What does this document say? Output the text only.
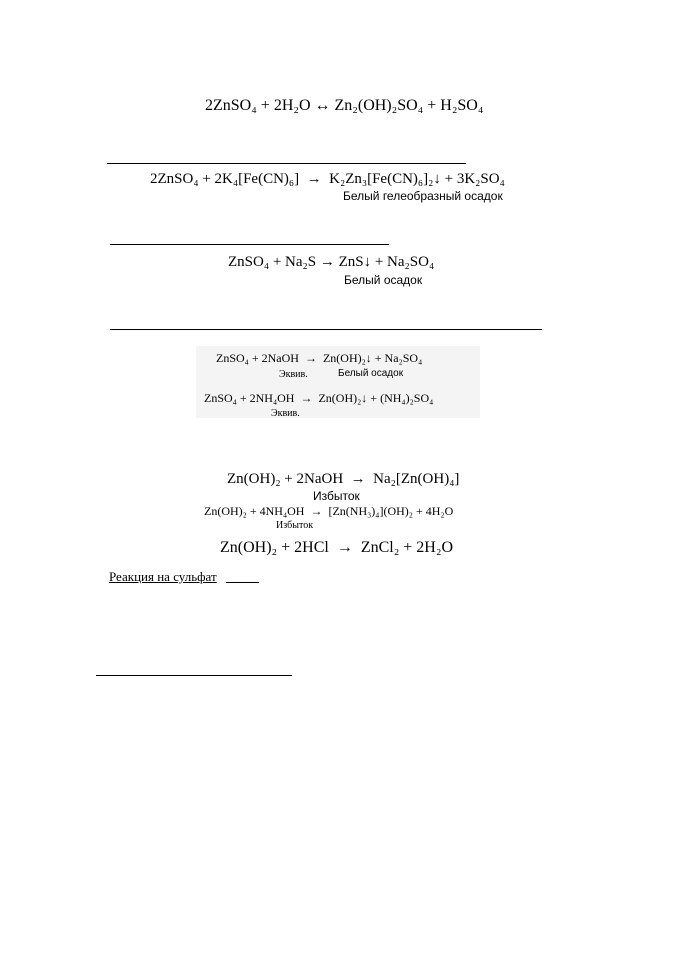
2ZnSO₄ + 2H₂O ↔ Zn₂(OH)₂SO₄ + H₂SO₄
2ZnSO₄ + 2K₄[Fe(CN)₆] → K₂Zn₃[Fe(CN)₆]₂↓ + 3K₂SO₄
Белый гелеобразный осадок
ZnSO₄ + Na₂S → ZnS↓ + Na₂SO₄
Белый осадок
ZnSO₄ + 2NaOH → Zn(OH)₂↓ + Na₂SO₄
Эквив.	Белый осадок
ZnSO₄ + 2NH₄OH → Zn(OH)₂↓ + (NH₄)₂SO₄
Эквив.
Zn(OH)₂ + 2NaOH → Na₂[Zn(OH)₄]
Избыток
Zn(OH)₂ + 4NH₄OH → [Zn(NH₃)₄](OH)₂ + 4H₂O
Избыток
Zn(OH)₂ + 2HCl → ZnCl₂ + 2H₂O
Реакция на сульфат
